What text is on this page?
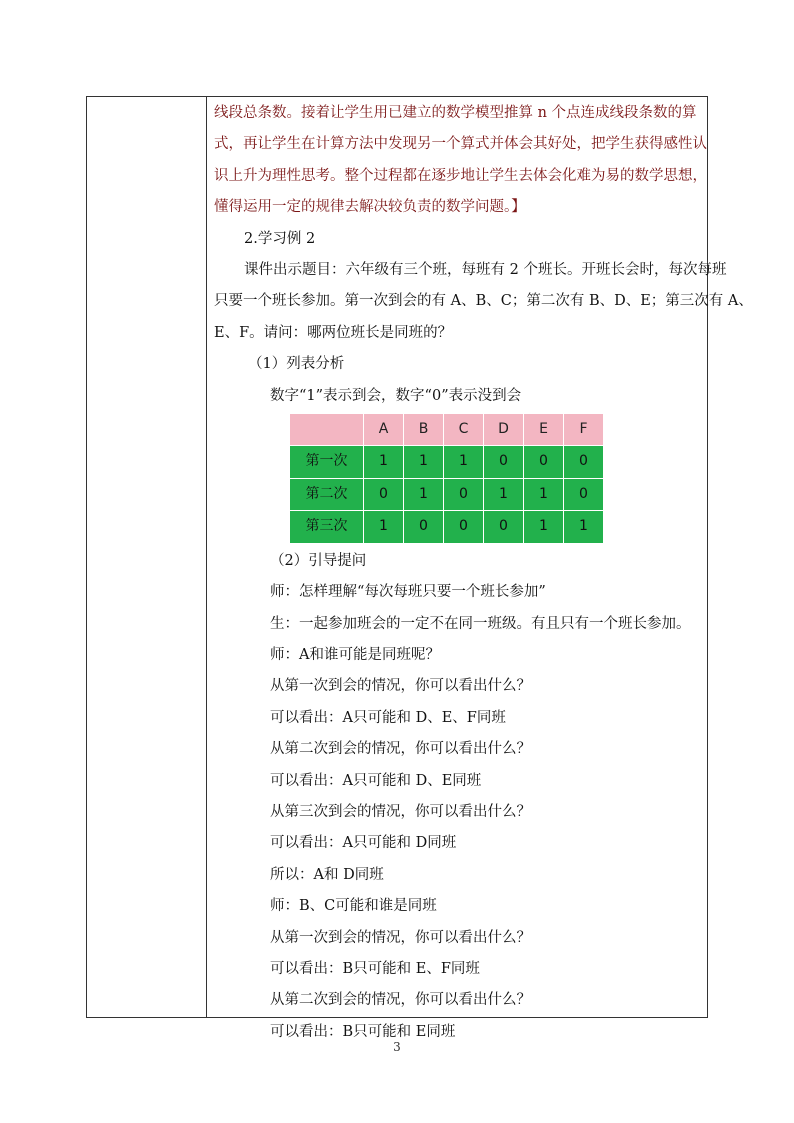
线段总条数。接着让学生用已建立的数学模型推算 n 个点连成线段条数的算
式，再让学生在计算方法中发现另一个算式并体会其好处，把学生获得感性认
识上升为理性思考。整个过程都在逐步地让学生去体会化难为易的数学思想，
懂得运用一定的规律去解决较负责的数学问题。】
2.学习例 2
课件出示题目：六年级有三个班，每班有 2 个班长。开班长会时，每次每班
只要一个班长参加。第一次到会的有 A、B、C；第二次有 B、D、E；第三次有 A、
E、F。请问：哪两位班长是同班的？
（1）列表分析
数字“1”表示到会，数字“0”表示没到会
	A	B	C	D	E	F
第一次	1	1	1	0	0	0
第二次	0	1	0	1	1	0
第三次	1	0	0	0	1	1
（2）引导提问
师：怎样理解“每次每班只要一个班长参加”
生：一起参加班会的一定不在同一班级。有且只有一个班长参加。
师：A和谁可能是同班呢？
从第一次到会的情况，你可以看出什么？
可以看出：A只可能和 D、E、F同班
从第二次到会的情况，你可以看出什么？
可以看出：A只可能和 D、E同班
从第三次到会的情况，你可以看出什么？
可以看出：A只可能和 D同班
所以：A和 D同班
师：B、C可能和谁是同班
从第一次到会的情况，你可以看出什么？
可以看出：B只可能和 E、F同班
从第二次到会的情况，你可以看出什么？
可以看出：B只可能和 E同班
3
